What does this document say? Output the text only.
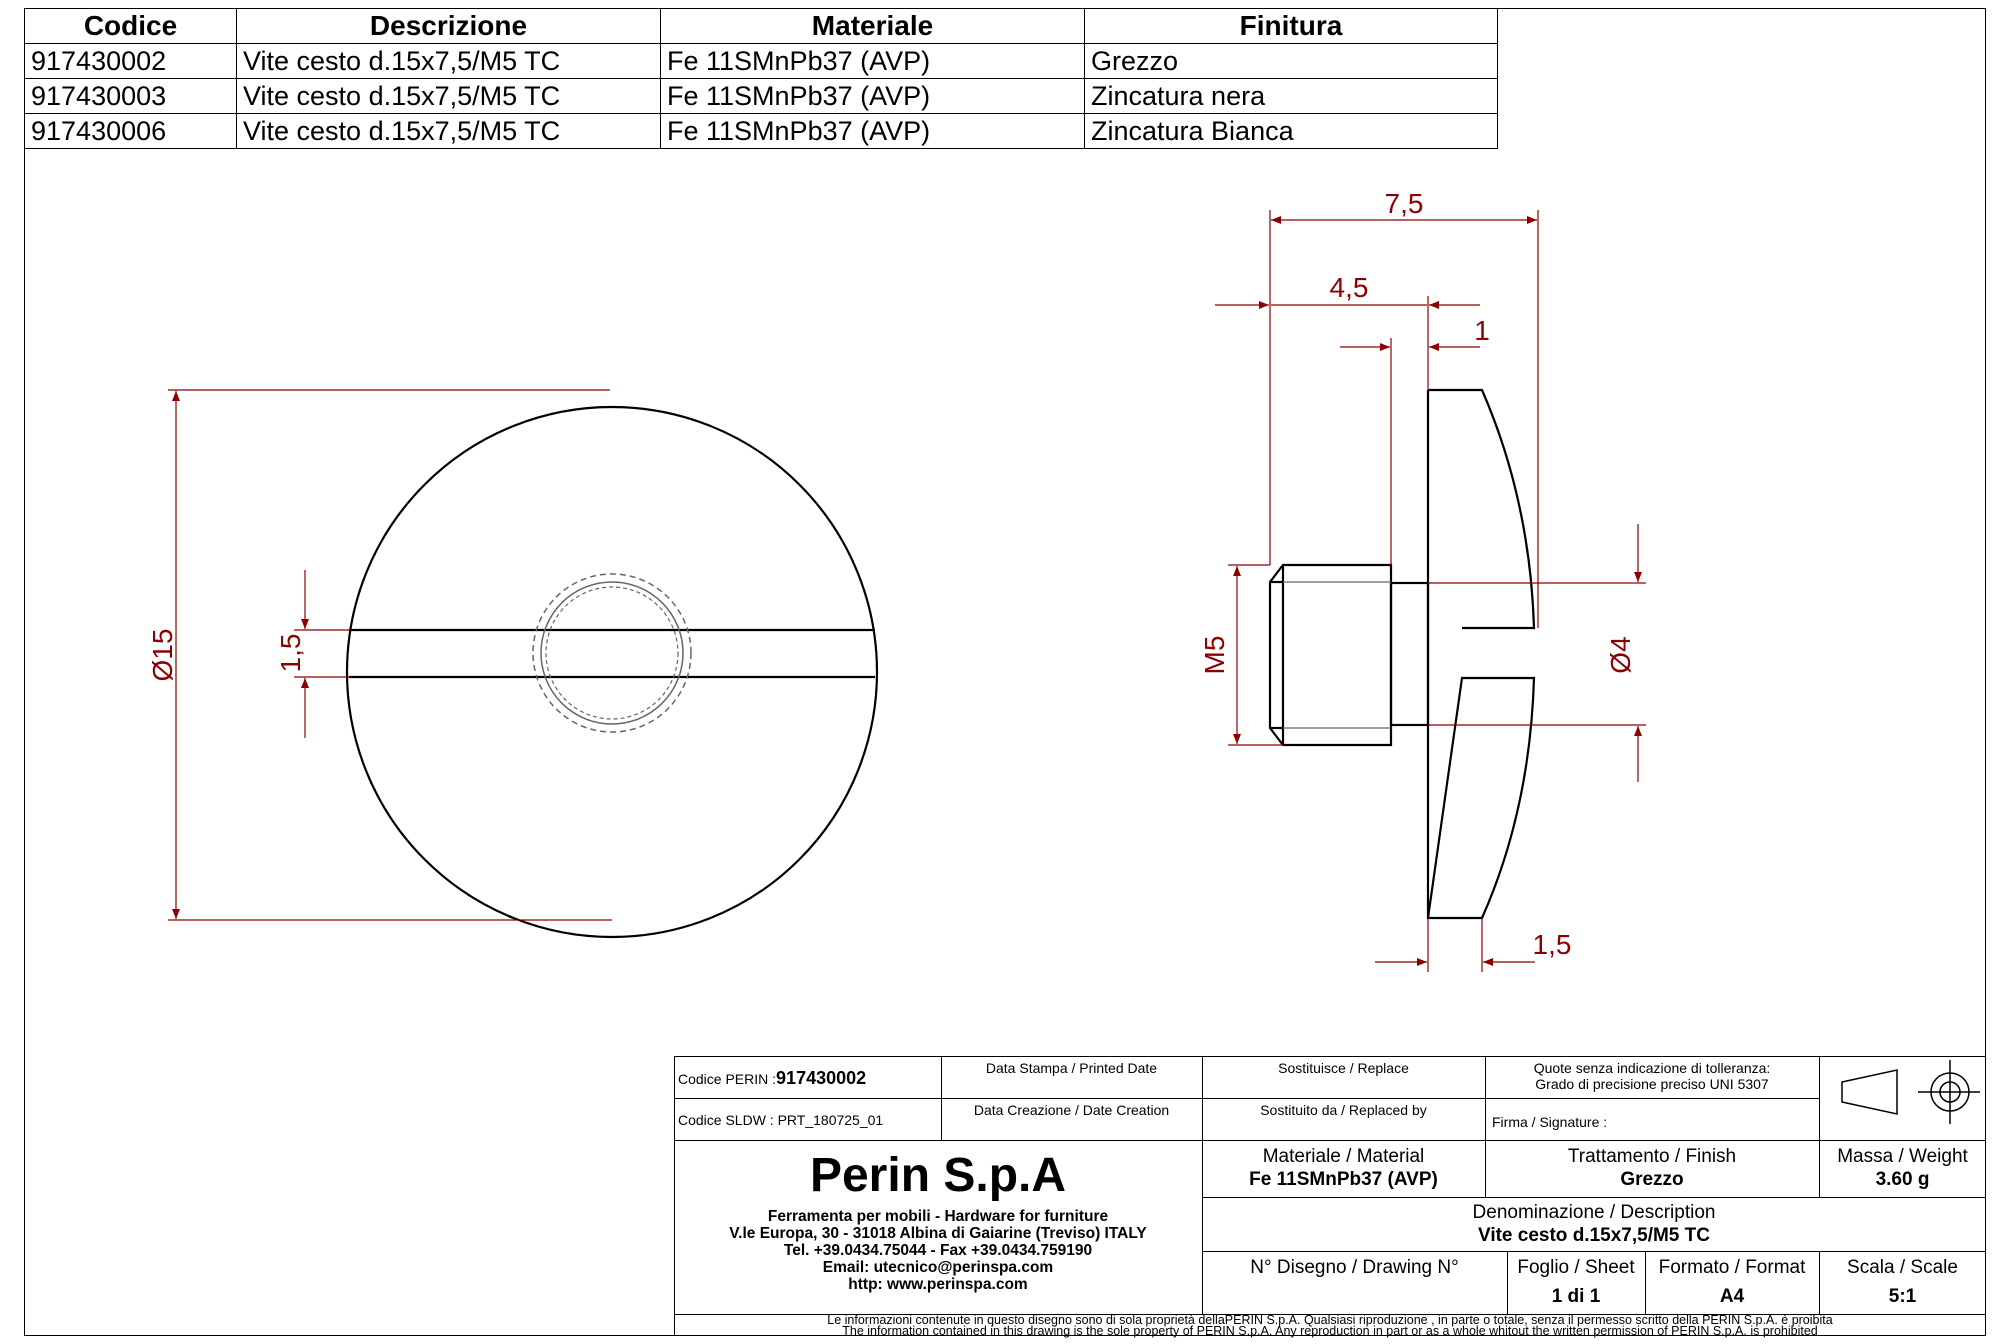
Codice	Descrizione	Materiale	Finitura
917430002	Vite cesto d.15x7,5/M5 TC	Fe 11SMnPb37 (AVP)	Grezzo
917430003	Vite cesto d.15x7,5/M5 TC	Fe 11SMnPb37 (AVP)	Zincatura nera
917430006	Vite cesto d.15x7,5/M5 TC	Fe 11SMnPb37 (AVP)	Zincatura Bianca
Ø15	1,5
7,5
4,5
1
M5	Ø4
1,5
Codice PERIN :917430002	Data Stampa / Printed Date	Sostituisce / Replace	Quote senza indicazione di tolleranza:
Grado di precisione preciso UNI 5307
Codice SLDW : PRT_180725_01
Data Creazione / Date Creation	Sostituito da / Replaced by
Firma / Signature :
Perin S.p.A
Ferramenta per mobili - Hardware for furniture
V.le Europa, 30 - 31018 Albina di Gaiarine (Treviso) ITALY
Tel. +39.0434.75044 - Fax +39.0434.759190
Email: utecnico@perinspa.com
http: www.perinspa.com
Materiale / Material
Fe 11SMnPb37 (AVP)
Trattamento / Finish
Grezzo
Massa / Weight
3.60 g
Denominazione / Description
Vite cesto d.15x7,5/M5 TC
N° Disegno / Drawing N°	Foglio / Sheet
1 di 1
Formato / Format
A4
Scala / Scale
5:1
Le informazioni contenute in questo disegno sono di sola proprietà dellaPERIN S.p.A. Qualsiasi riproduzione , in parte o totale, senza il permesso scritto della PERIN S.p.A. è proibita
The information contained in this drawing is the sole property of PERIN S.p.A. Any reproduction in part or as a whole whitout the written permission of PERIN S.p.A. is prohibited
